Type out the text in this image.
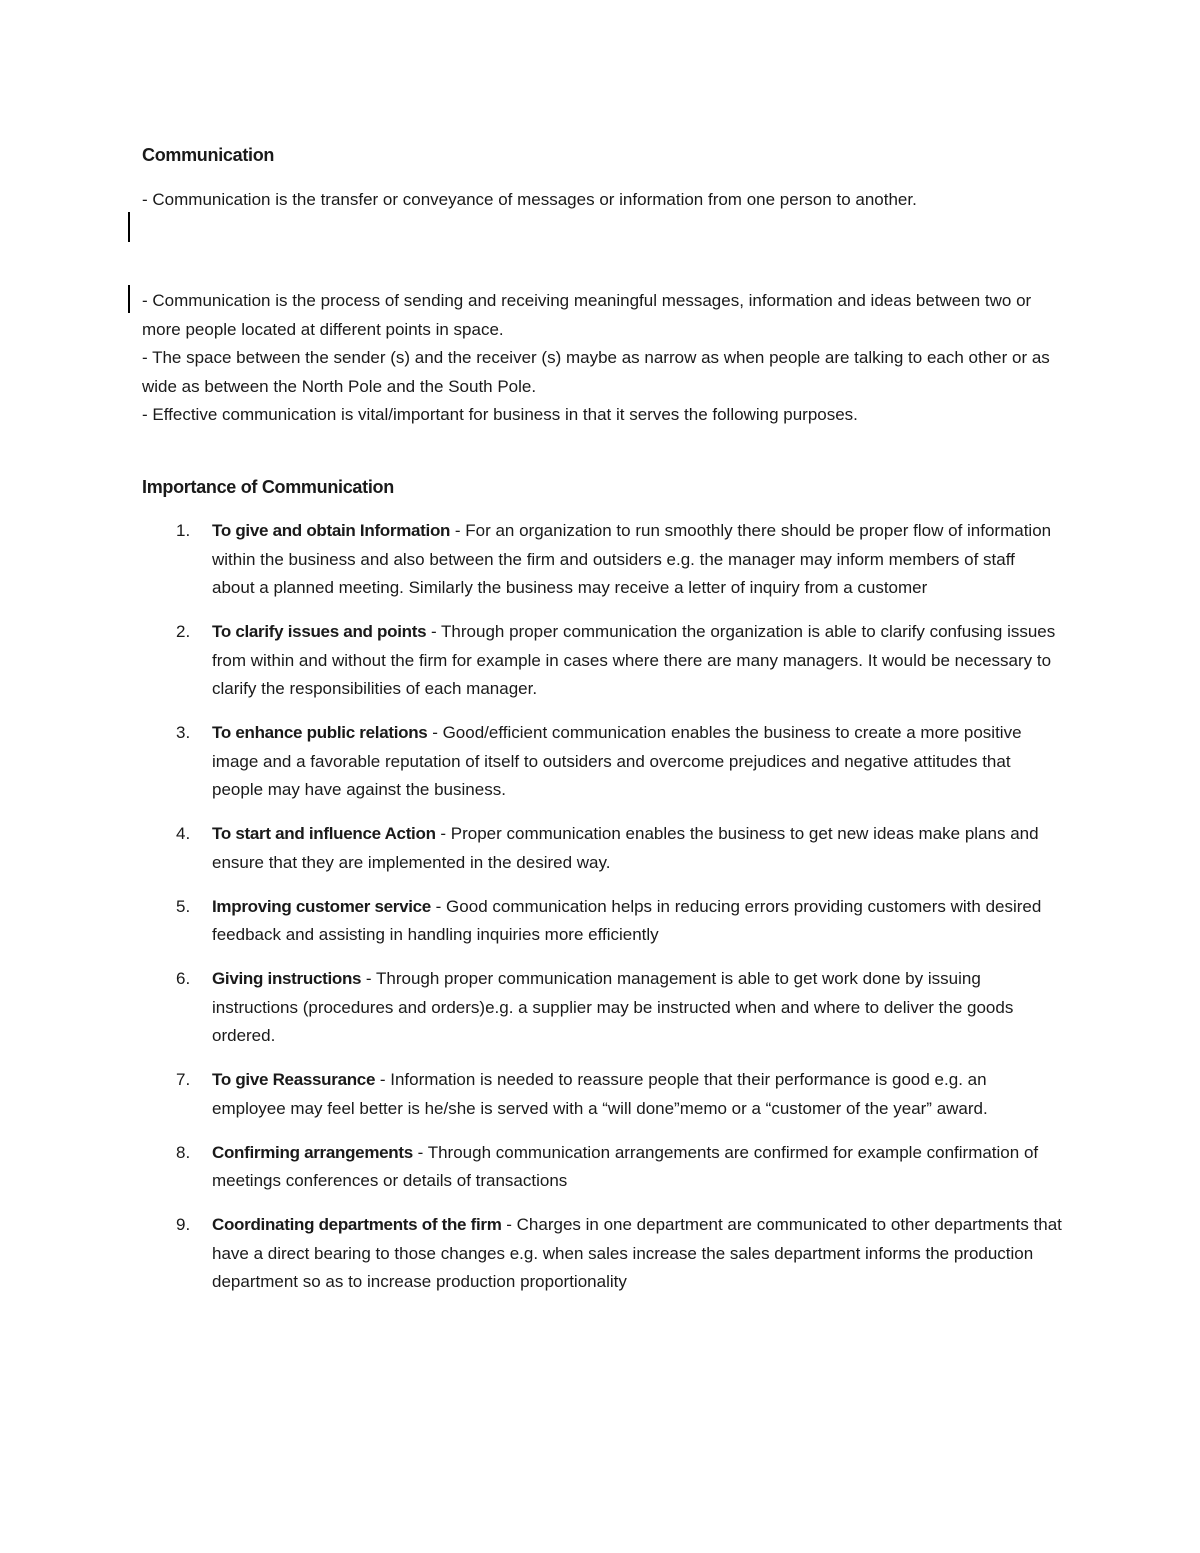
Communication

- Communication is the transfer or conveyance of messages or information from one person to another.

- Communication is the process of sending and receiving meaningful messages, information and ideas between two or more people located at different points in space.

- The space between the sender (s) and the receiver (s) maybe as narrow as when people are talking to each other or as wide as between the North Pole and the South Pole.

- Effective communication is vital/important for business in that it serves the following purposes.

Importance of Communication
1. To give and obtain Information - For an organization to run smoothly there should be proper flow of information within the business and also between the firm and outsiders e.g. the manager may inform members of staff about a planned meeting. Similarly the business may receive a letter of inquiry from a customer
2. To clarify issues and points - Through proper communication the organization is able to clarify confusing issues from within and without the firm for example in cases where there are many managers. It would be necessary to clarify the responsibilities of each manager.
3. To enhance public relations - Good/efficient communication enables the business to create a more positive image and a favorable reputation of itself to outsiders and overcome prejudices and negative attitudes that people may have against the business.
4. To start and influence Action - Proper communication enables the business to get new ideas make plans and ensure that they are implemented in the desired way.
5. Improving customer service - Good communication helps in reducing errors providing customers with desired feedback and assisting in handling inquiries more efficiently
6. Giving instructions - Through proper communication management is able to get work done by issuing instructions (procedures and orders)e.g. a supplier may be instructed when and where to deliver the goods ordered.
7. To give Reassurance - Information is needed to reassure people that their performance is good e.g. an employee may feel better is he/she is served with a “will done”memo or a “customer of the year” award.
8. Confirming arrangements - Through communication arrangements are confirmed for example confirmation of meetings conferences or details of transactions
9. Coordinating departments of the firm - Charges in one department are communicated to other departments that have a direct bearing to those changes e.g. when sales increase the sales department informs the production department so as to increase production proportionality
